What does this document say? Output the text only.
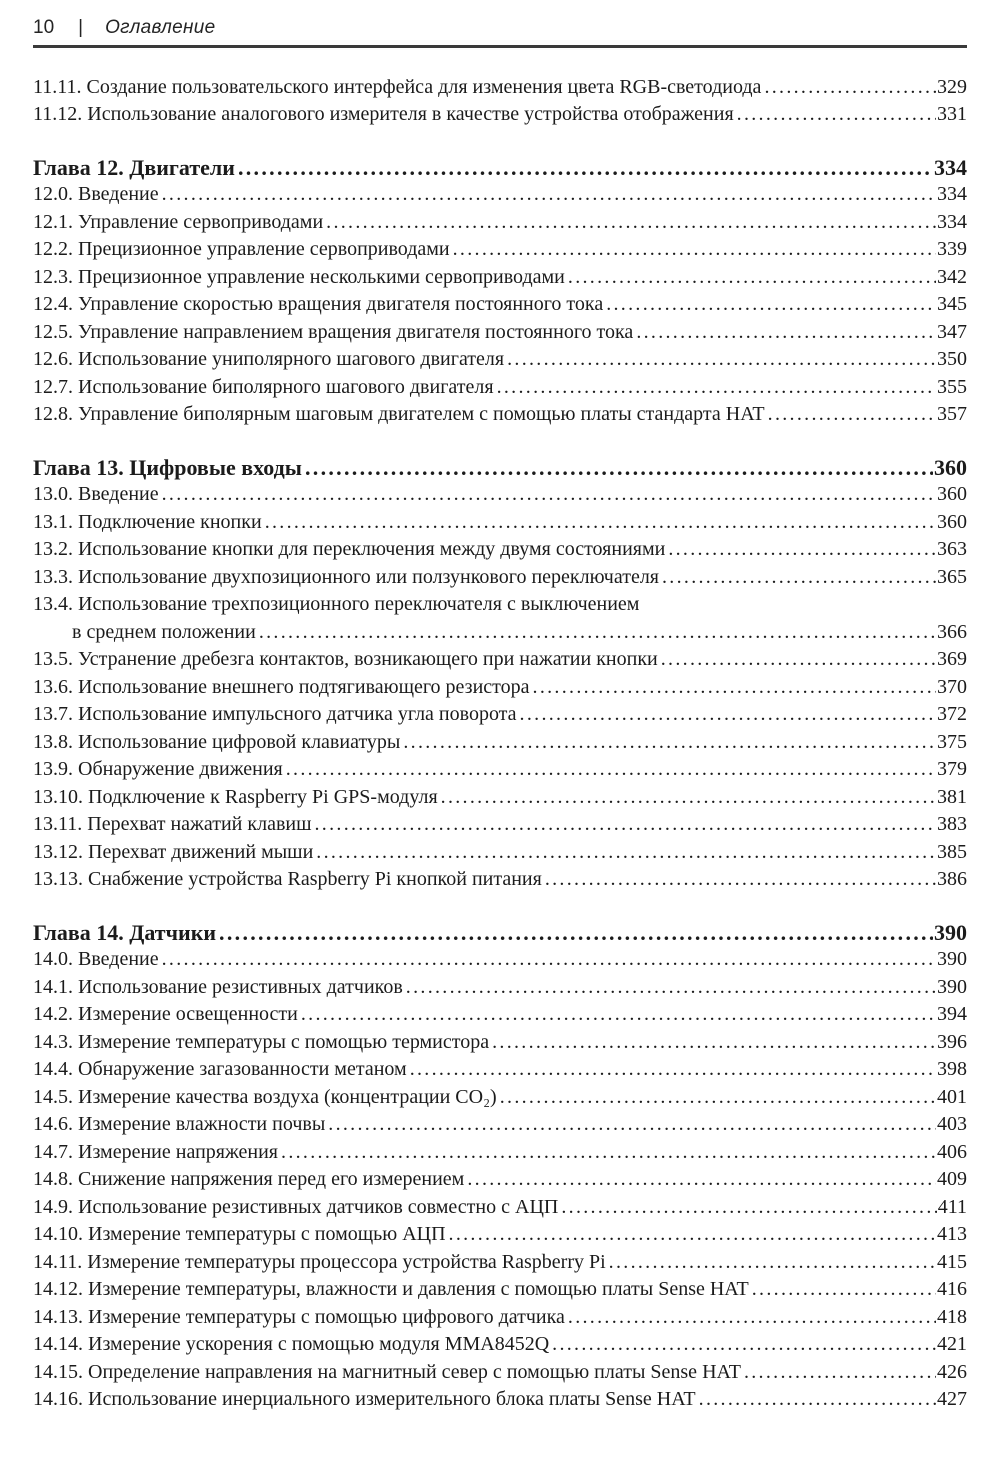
10 | Оглавление
11.11. Создание пользовательского интерфейса для изменения цвета RGB-светодиода .....	329
11.12. Использование аналогового измерителя в качестве устройства отображения .....	331
Глава 12. Двигатели .....	334
12.0. Введение .....	334
12.1. Управление сервоприводами .....	334
12.2. Прецизионное управление сервоприводами .....	339
12.3. Прецизионное управление несколькими сервоприводами .....	342
12.4. Управление скоростью вращения двигателя постоянного тока .....	345
12.5. Управление направлением вращения двигателя постоянного тока .....	347
12.6. Использование униполярного шагового двигателя .....	350
12.7. Использование биполярного шагового двигателя .....	355
12.8. Управление биполярным шаговым двигателем с помощью платы стандарта HAT .....	357
Глава 13. Цифровые входы .....	360
13.0. Введение .....	360
13.1. Подключение кнопки .....	360
13.2. Использование кнопки для переключения между двумя состояниями .....	363
13.3. Использование двухпозиционного или ползункового переключателя .....	365
13.4. Использование трехпозиционного переключателя с выключением
в среднем положении .....	366
13.5. Устранение дребезга контактов, возникающего при нажатии кнопки .....	369
13.6. Использование внешнего подтягивающего резистора .....	370
13.7. Использование импульсного датчика угла поворота .....	372
13.8. Использование цифровой клавиатуры .....	375
13.9. Обнаружение движения .....	379
13.10. Подключение к Raspberry Pi GPS-модуля .....	381
13.11. Перехват нажатий клавиш .....	383
13.12. Перехват движений мыши .....	385
13.13. Снабжение устройства Raspberry Pi кнопкой питания .....	386
Глава 14. Датчики .....	390
14.0. Введение .....	390
14.1. Использование резистивных датчиков .....	390
14.2. Измерение освещенности .....	394
14.3. Измерение температуры с помощью термистора .....	396
14.4. Обнаружение загазованности метаном .....	398
14.5. Измерение качества воздуха (концентрации CO₂) .....	401
14.6. Измерение влажности почвы .....	403
14.7. Измерение напряжения .....	406
14.8. Снижение напряжения перед его измерением .....	409
14.9. Использование резистивных датчиков совместно с АЦП .....	411
14.10. Измерение температуры с помощью АЦП .....	413
14.11. Измерение температуры процессора устройства Raspberry Pi .....	415
14.12. Измерение температуры, влажности и давления с помощью платы Sense HAT .....	416
14.13. Измерение температуры с помощью цифрового датчика .....	418
14.14. Измерение ускорения с помощью модуля MMA8452Q .....	421
14.15. Определение направления на магнитный север с помощью платы Sense HAT .....	426
14.16. Использование инерциального измерительного блока платы Sense HAT .....	427
